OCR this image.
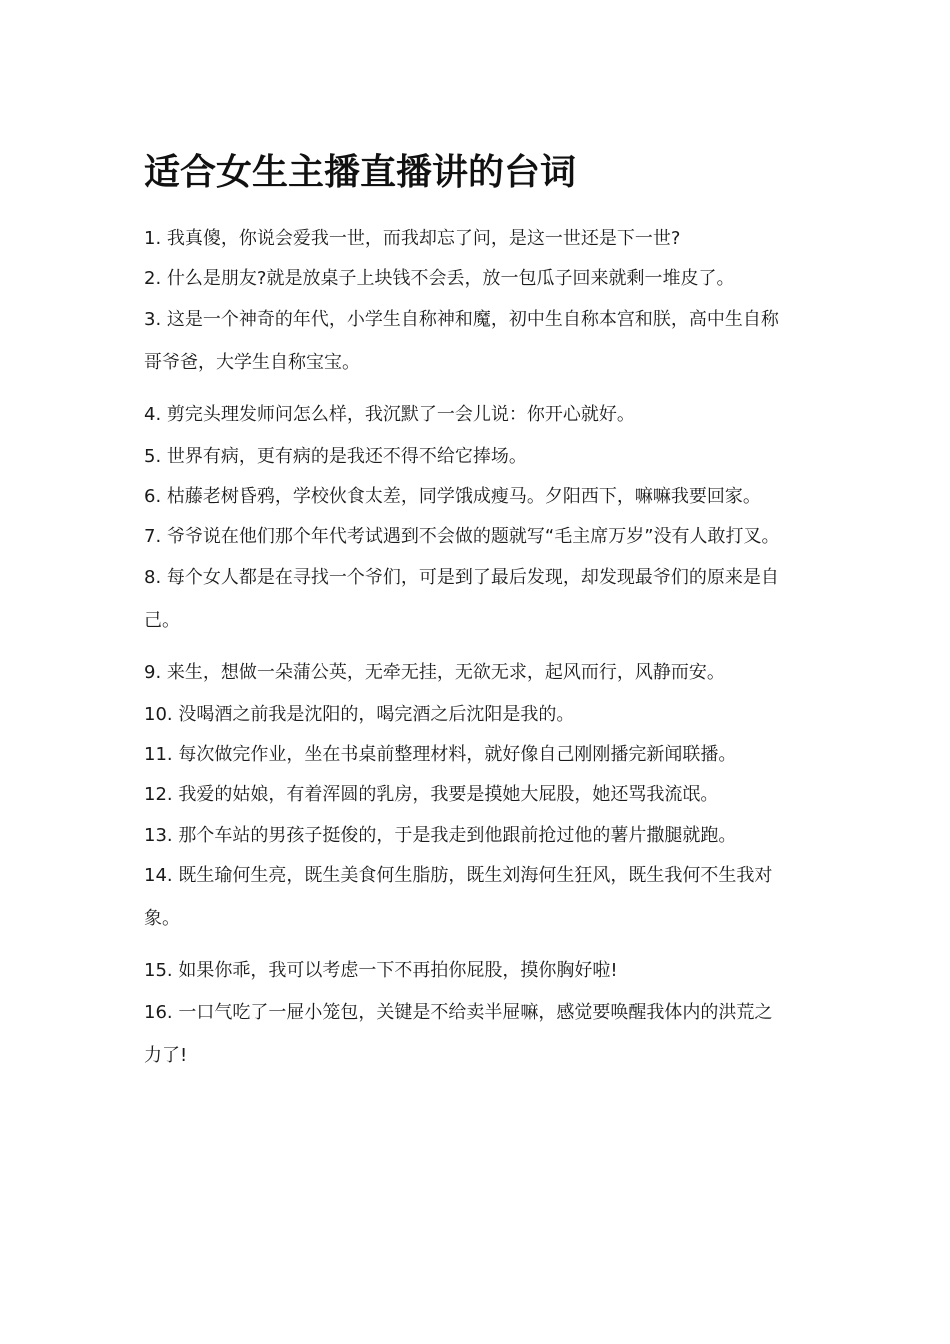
适合女生主播直播讲的台词

1. 我真傻，你说会爱我一世，而我却忘了问，是这一世还是下一世?

2. 什么是朋友?就是放桌子上块钱不会丢，放一包瓜子回来就剩一堆皮了。

3. 这是一个神奇的年代，小学生自称神和魔，初中生自称本宫和朕，高中生自称

哥爷爸，大学生自称宝宝。

4. 剪完头理发师问怎么样，我沉默了一会儿说：你开心就好。

5. 世界有病，更有病的是我还不得不给它捧场。

6. 枯藤老树昏鸦，学校伙食太差，同学饿成瘦马。夕阳西下，嘛嘛我要回家。

7. 爷爷说在他们那个年代考试遇到不会做的题就写“毛主席万岁”没有人敢打叉。

8. 每个女人都是在寻找一个爷们，可是到了最后发现，却发现最爷们的原来是自

己。

9. 来生，想做一朵蒲公英，无牵无挂，无欲无求，起风而行，风静而安。

10. 没喝酒之前我是沈阳的，喝完酒之后沈阳是我的。

11. 每次做完作业，坐在书桌前整理材料，就好像自己刚刚播完新闻联播。

12. 我爱的姑娘，有着浑圆的乳房，我要是摸她大屁股，她还骂我流氓。

13. 那个车站的男孩子挺俊的，于是我走到他跟前抢过他的薯片撒腿就跑。

14. 既生瑜何生亮，既生美食何生脂肪，既生刘海何生狂风，既生我何不生我对

象。

15. 如果你乖，我可以考虑一下不再拍你屁股，摸你胸好啦!

16. 一口气吃了一屉小笼包，关键是不给卖半屉嘛，感觉要唤醒我体内的洪荒之

力了!
